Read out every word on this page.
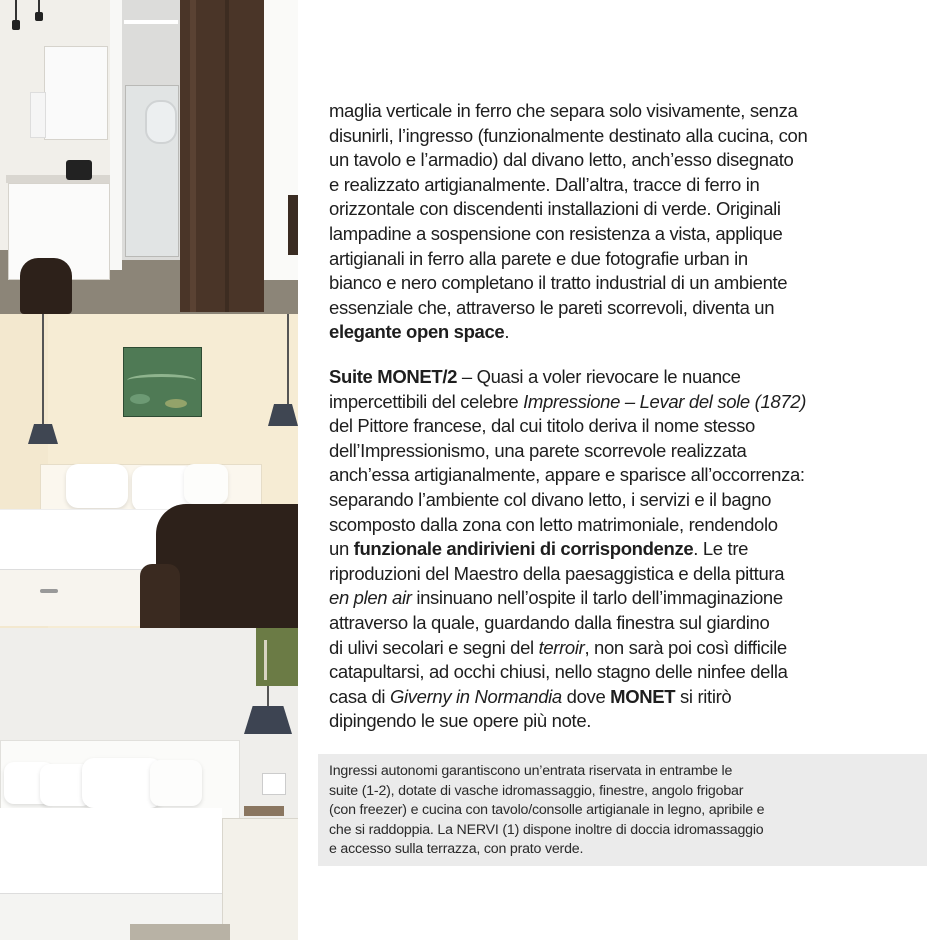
maglia verticale in ferro che separa solo visivamente, senza

disunirli, l’ingresso (funzionalmente destinato alla cucina, con

un tavolo e l’armadio) dal divano letto, anch’esso disegnato

e realizzato artigianalmente. Dall’altra, tracce di ferro in

orizzontale con discendenti installazioni di verde. Originali

lampadine a sospensione con resistenza a vista, applique

artigianali in ferro alla parete e due fotografie urban in

bianco e nero completano il tratto industrial di un ambiente

essenziale che, attraverso le pareti scorrevoli, diventa un

elegante open space.

Suite MONET/2 – Quasi a voler rievocare le nuance

impercettibili del celebre Impressione – Levar del sole (1872)

del Pittore francese, dal cui titolo deriva il nome stesso

dell’Impressionismo, una parete scorrevole realizzata

anch’essa artigianalmente, appare e sparisce all’occorrenza:

separando l’ambiente col divano letto, i servizi e il bagno

scomposto dalla zona con letto matrimoniale, rendendolo

un funzionale andirivieni di corrispondenze. Le tre

riproduzioni del Maestro della paesaggistica e della pittura

en plen air insinuano nell’ospite il tarlo dell’immaginazione

attraverso la quale, guardando dalla finestra sul giardino

di ulivi secolari e segni del terroir, non sarà poi così difficile

catapultarsi, ad occhi chiusi, nello stagno delle ninfee della

casa di Giverny in Normandia dove MONET si ritirò

dipingendo le sue opere più note.

Ingressi autonomi garantiscono un’entrata riservata in entrambe le

suite (1-2), dotate di vasche idromassaggio, finestre, angolo frigobar

(con freezer) e cucina con tavolo/consolle artigianale in legno, apribile e

che si raddoppia. La NERVI (1) dispone inoltre di doccia idromassaggio

e accesso sulla terrazza, con prato verde.
